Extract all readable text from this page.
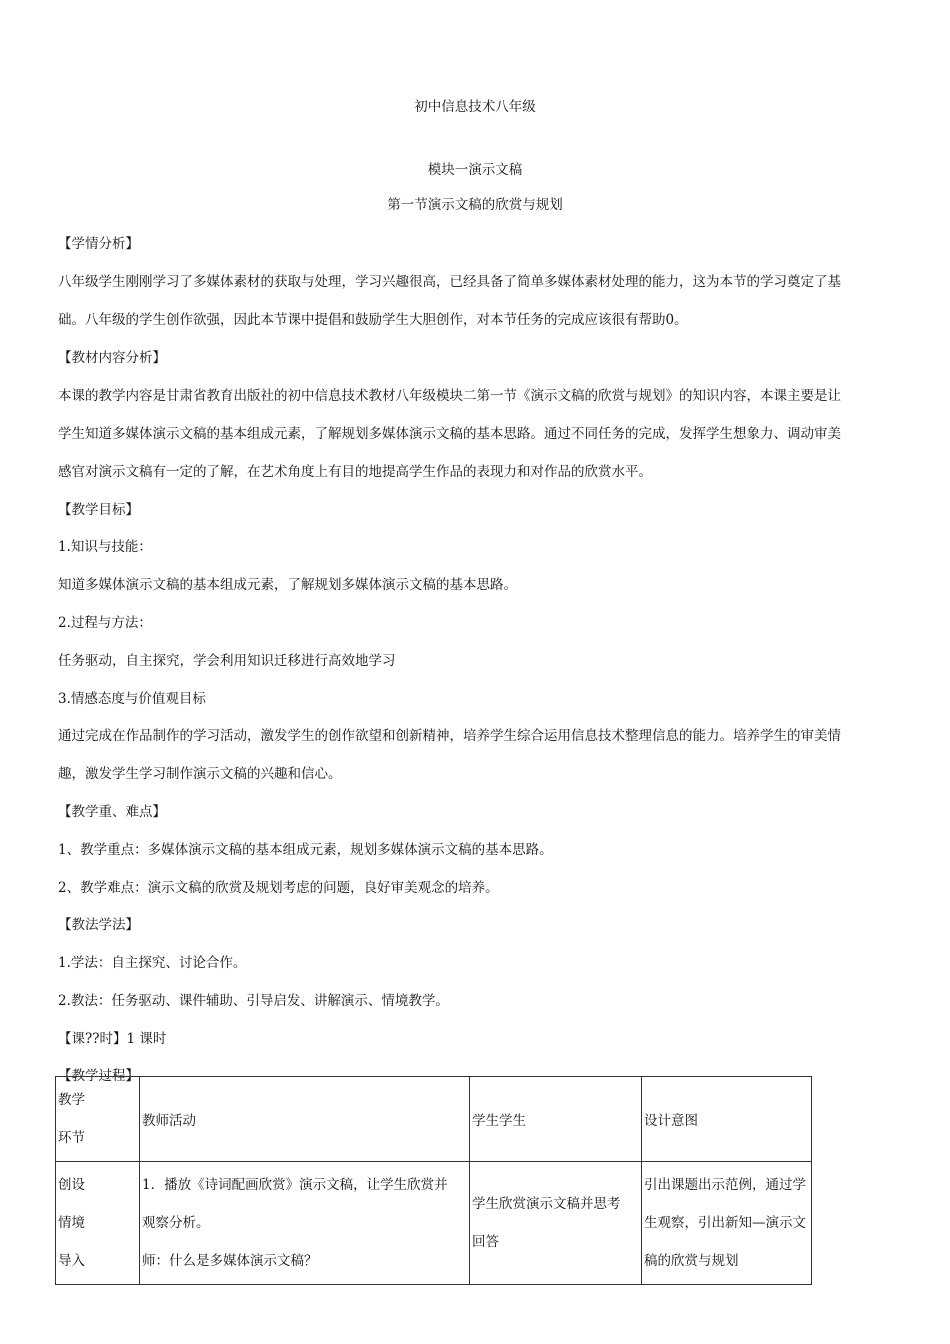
初中信息技术八年级
模块一演示文稿
第一节演示文稿的欣赏与规划
【学情分析】
八年级学生刚刚学习了多媒体素材的获取与处理，学习兴趣很高，已经具备了简单多媒体素材处理的能力，这为本节的学习奠定了基
础。八年级的学生创作欲强，因此本节课中提倡和鼓励学生大胆创作，对本节任务的完成应该很有帮助0。
【教材内容分析】
本课的教学内容是甘肃省教育出版社的初中信息技术教材八年级模块二第一节《演示文稿的欣赏与规划》的知识内容，本课主要是让
学生知道多媒体演示文稿的基本组成元素，了解规划多媒体演示文稿的基本思路。通过不同任务的完成，发挥学生想象力、调动审美
感官对演示文稿有一定的了解，在艺术角度上有目的地提高学生作品的表现力和对作品的欣赏水平。
【教学目标】
1.知识与技能：
知道多媒体演示文稿的基本组成元素，了解规划多媒体演示文稿的基本思路。
2.过程与方法：
任务驱动，自主探究，学会利用知识迁移进行高效地学习
3.情感态度与价值观目标
通过完成在作品制作的学习活动，激发学生的创作欲望和创新精神，培养学生综合运用信息技术整理信息的能力。培养学生的审美情
趣，激发学生学习制作演示文稿的兴趣和信心。
【教学重、难点】
1、教学重点：多媒体演示文稿的基本组成元素，规划多媒体演示文稿的基本思路。
2、教学难点：演示文稿的欣赏及规划考虑的问题，良好审美观念的培养。
【教法学法】
1.学法：自主探究、讨论合作。
2.教法：任务驱动、课件辅助、引导启发、讲解演示、情境教学。
【课??时】1 课时
【教学过程】
教学
环节	教师活动	学生学生	设计意图

创设
情境
导入	1．播放《诗词配画欣赏》演示文稿，让学生欣赏并
观察分析。
师：什么是多媒体演示文稿？	学生欣赏演示文稿并思考
回答	引出课题出示范例，通过学
生观察，引出新知—演示文
稿的欣赏与规划
